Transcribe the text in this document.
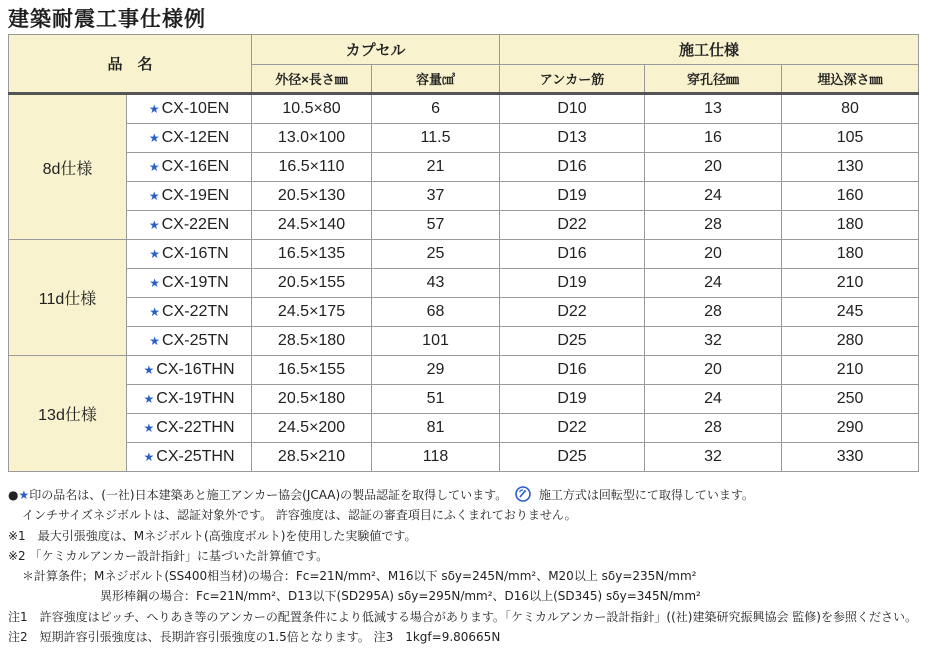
建築耐震工事仕様例
品　名		カプセル		施工仕様		
		外径×長さ㎜	容量㎤	アンカー筋	穿孔径㎜	埋込深さ㎜
8d仕様	★ CX-10EN	10.5×80	6	D10	13	80
	★ CX-12EN	13.0×100	11.5	D13	16	105
	★ CX-16EN	16.5×110	21	D16	20	130
	★ CX-19EN	20.5×130	37	D19	24	160
	★ CX-22EN	24.5×140	57	D22	28	180
11d仕様	★ CX-16TN	16.5×135	25	D16	20	180
	★ CX-19TN	20.5×155	43	D19	24	210
	★ CX-22TN	24.5×175	68	D22	28	245
	★ CX-25TN	28.5×180	101	D25	32	280
13d仕様	★ CX-16THN	16.5×155	29	D16	20	210
	★ CX-19THN	20.5×180	51	D19	24	250
	★ CX-22THN	24.5×200	81	D22	28	290
	★ CX-25THN	28.5×210	118	D25	32	330
●★印の品名は、(一社)日本建築あと施工アンカー協会(JCAA)の製品認証を取得しています。	施工方式は回転型にて取得しています。
インチサイズネジボルトは、認証対象外です。 許容強度は、認証の審査項目にふくまれておりません。
※1　最大引張強度は、Mネジボルト(高強度ボルト)を使用した実験値です。
※2 「ケミカルアンカー設計指針」に基づいた計算値です。
＊計算条件；Mネジボルト(SS400相当材)の場合：Fc=21N/mm²、M16以下 sδy=245N/mm²、M20以上 sδy=235N/mm²
異形棒鋼の場合：Fc=21N/mm²、D13以下(SD295A) sδy=295N/mm²、D16以上(SD345) sδy=345N/mm²
注1　許容強度はピッチ、へりあき等のアンカーの配置条件により低減する場合があります。「ケミカルアンカー設計指針」((社)建築研究振興協会 監修)を参照ください。
注2　短期許容引張強度は、長期許容引張強度の1.5倍となります。 注3　1kgf=9.80665N
